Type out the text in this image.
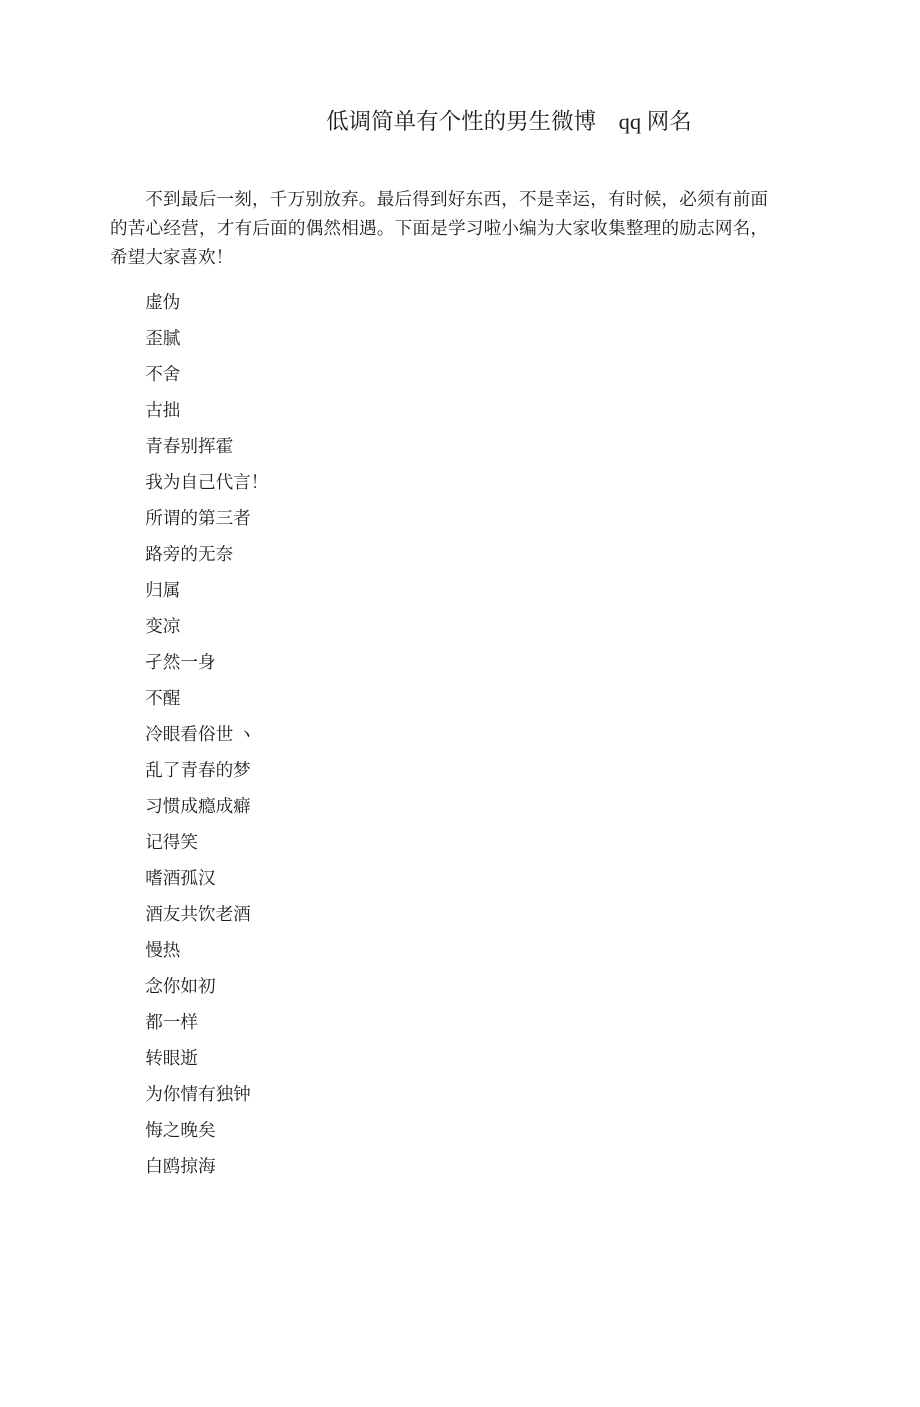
低调简单有个性的男生微博　qq 网名

不到最后一刻，千万别放弃。最后得到好东西，不是幸运，有时候，必须有前面的苦心经营，才有后面的偶然相遇。下面是学习啦小编为大家收集整理的励志网名，希望大家喜欢！

虚伪
歪腻
不舍
古拙
青春别挥霍
我为自己代言！
所谓的第三者
路旁的无奈
归属
变凉
孑然一身
不醒
冷眼看俗世 ヽ
乱了青春的梦
习惯成瘾成癖
记得笑
嗜酒孤汉
酒友共饮老酒
慢热
念你如初
都一样
转眼逝
为你情有独钟
悔之晚矣
白鸥掠海
